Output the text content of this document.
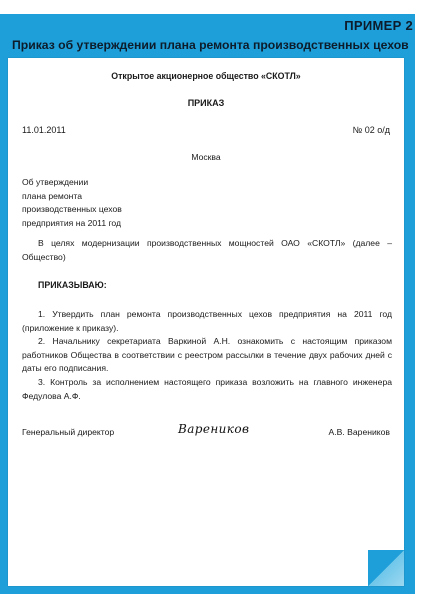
ПРИМЕР 2
Приказ об утверждении плана ремонта производственных цехов
Открытое акционерное общество «СКОТЛ»
ПРИКАЗ
11.01.2011	№ 02 о/д
Москва
Об утверждении
плана ремонта
производственных цехов
предприятия на 2011 год
В целях модернизации производственных мощностей ОАО «СКОТЛ» (далее – Общество)
ПРИКАЗЫВАЮ:
1. Утвердить план ремонта производственных цехов предприятия на 2011 год (приложение к приказу).
2. Начальнику секретариата Варкиной А.Н. ознакомить с настоящим приказом работников Общества в соответствии с реестром рассылки в течение двух рабочих дней с даты его подписания.
3. Контроль за исполнением настоящего приказа возложить на главного инженера Федулова А.Ф.
Генеральный директор	Вареников	А.В. Вареников
